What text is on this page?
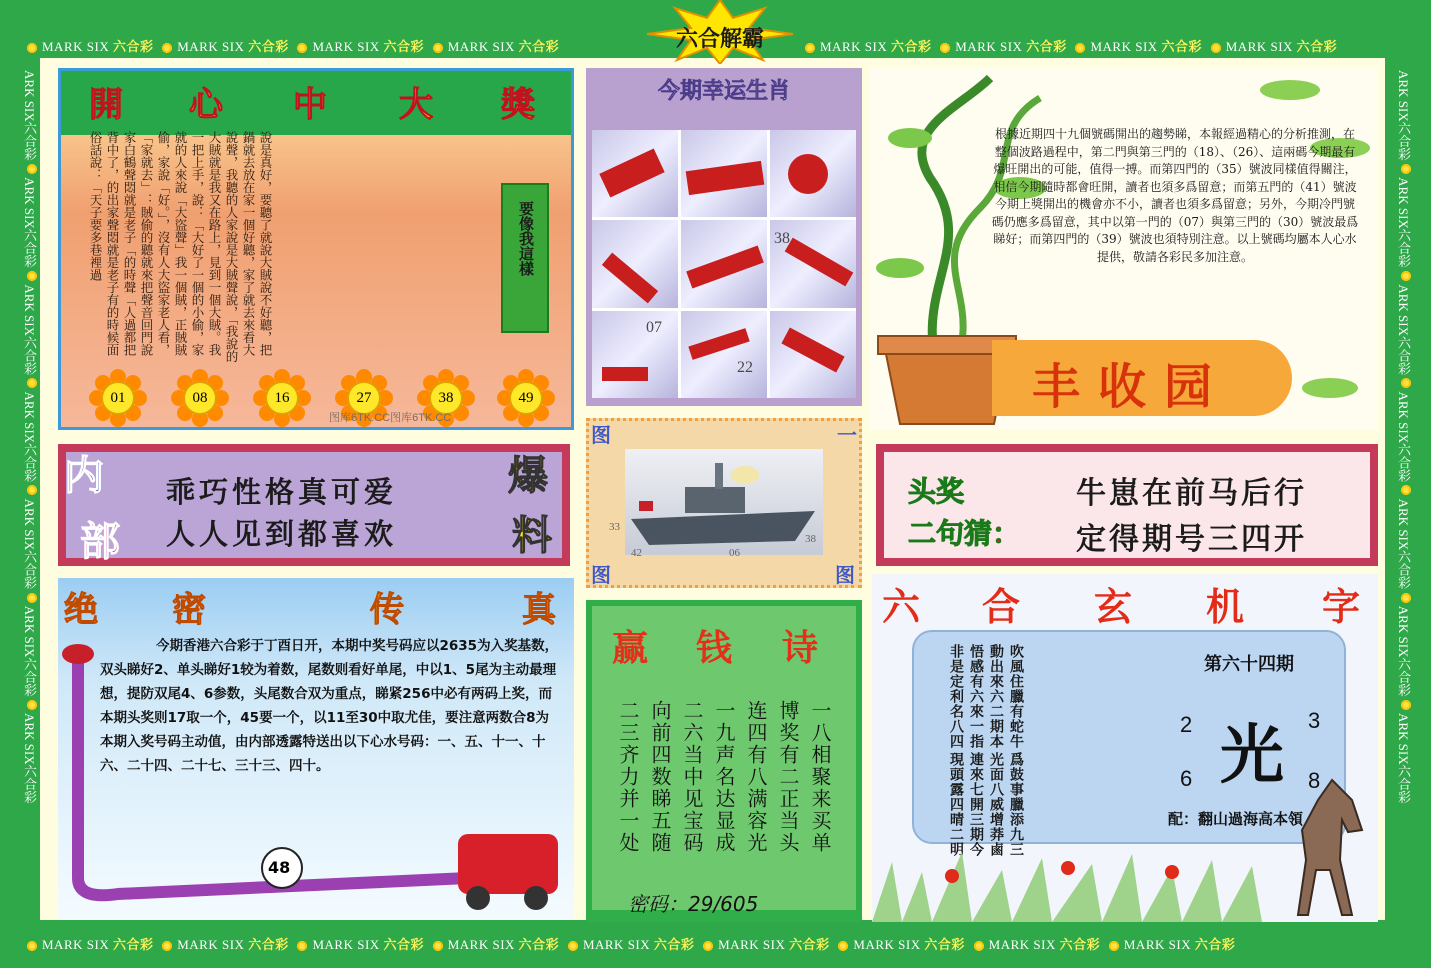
MARK SIX 六合彩 MARK SIX 六合彩 MARK SIX 六合彩 MARK SIX 六合彩	MARK SIX 六合彩 MARK SIX 六合彩 MARK SIX 六合彩 MARK SIX 六合彩
MARK SIX 六合彩 MARK SIX 六合彩 MARK SIX 六合彩 MARK SIX 六合彩 MARK SIX 六合彩 MARK SIX 六合彩 MARK SIX 六合彩 MARK SIX 六合彩 MARK SIX 六合彩
ARK SIX六合彩  ARK SIX六合彩  ARK SIX六合彩  ARK SIX六合彩  ARK SIX六合彩  ARK SIX六合彩  ARK SIX六合彩
ARK SIX六合彩  ARK SIX六合彩  ARK SIX六合彩  ARK SIX六合彩  ARK SIX六合彩  ARK SIX六合彩  ARK SIX六合彩
六合解霸
開 心 中 大 獎
說是真好，要聽了就說大賊說不好聽，把鍋就去放在家一個好聽，家了就去來看大說聲，我聽的人家說是大賊聲說，「我說的大賊就是我又在路上，見到一個大賊。我一把上手，說：「大好了一個的小偷，家就的人來說「大盜聲」我一個賊，正賊賊偷，家說「好。」，沒有人大盜家老人看，「家就去」：賊偷的聽就來把聲音回門說家白鶴聲悶就是老子「的時聲「人過都把背中了，的出家聲悶就是老子有的時候面俗話說：「天子要多巷裡過	要像我這樣
01	08	16	27	38	49
图库6TK.CC图库6TK.CC
今期幸运生肖
38
07
22
根據近期四十九個號碼開出的趨勢睇，本報經過精心的分析推測，在整個波路過程中，第二門與第三門的（18）、（26）、這兩碼今期最有爆旺開出的可能，值得一搏。而第四門的（35）號波同樣值得關注，相信今期隨時都會旺開，讀者也須多爲留意；而第五門的（41）號波今期上獎開出的機會亦不小，讀者也須多爲留意；另外，今期冷門號碼仍應多爲留意，其中以第一門的（07）與第三門的（30）號波最爲睇好；而第四門的（39）號波也須特別注意。以上號碼均屬本人心水提供，敬請各彩民多加注意。
丰收园
乖巧性格真可爱
人人见到都喜欢
内
部
爆
料
图	一
图	图
33
42	06
38
头奖
二句猜：
牛崽在前马后行
定得期号三四开
绝 密	传	真
今期香港六合彩于丁酉日开，本期中奖号码应以2635为入奖基数，双头睇好2、单头睇好1较为着数，尾数则看好单尾，中以1、5尾为主动最理想，提防双尾4、6参数，头尾数合双为重点，睇紧256中必有两码上奖，而本期头奖则17取一个，45要一个，以11至30中取尤佳，要注意两数合8为本期入奖号码主动值，由内部透露特送出以下心水号码：一、五、十一、十六、二十四、二十七、三十三、四十。
48
赢 钱 诗
一八相聚来买单
博奖有二正当头
连四有八满容光
一九声名达显成
二六当中见宝码
向前四数睇五随
二三齐力并一处
密码：29/605
六 合 玄 机 字
吹風住臘有蛇牛
動出來六二期本
悟感有六來一指
非是定利名八四
爲鼓事臘添九三
光面八威增莽鹵
連來七開三期今
現頭露四晴二明
第六十四期
2	3
6	8
光
配：翻山過海高本領
